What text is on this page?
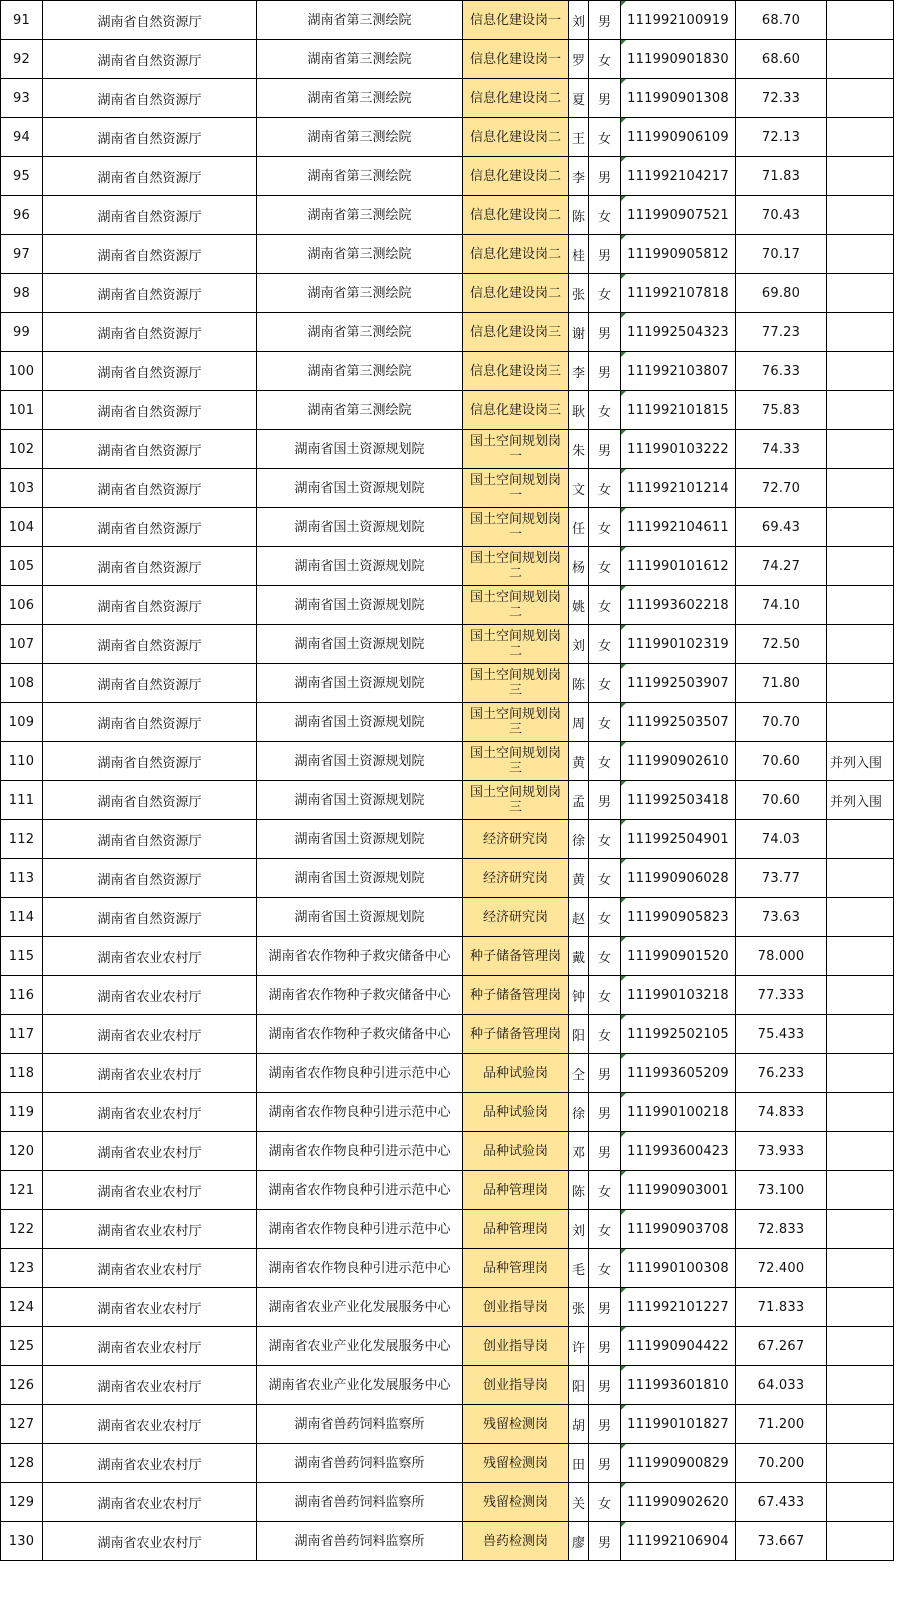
91	湖南省自然资源厅	湖南省第三测绘院	信息化建设岗一	刘	男	111992100919	68.70	
92	湖南省自然资源厅	湖南省第三测绘院	信息化建设岗一	罗	女	111990901830	68.60	
93	湖南省自然资源厅	湖南省第三测绘院	信息化建设岗二	夏	男	111990901308	72.33	
94	湖南省自然资源厅	湖南省第三测绘院	信息化建设岗二	王	女	111990906109	72.13	
95	湖南省自然资源厅	湖南省第三测绘院	信息化建设岗二	李	男	111992104217	71.83	
96	湖南省自然资源厅	湖南省第三测绘院	信息化建设岗二	陈	女	111990907521	70.43	
97	湖南省自然资源厅	湖南省第三测绘院	信息化建设岗二	桂	男	111990905812	70.17	
98	湖南省自然资源厅	湖南省第三测绘院	信息化建设岗二	张	女	111992107818	69.80	
99	湖南省自然资源厅	湖南省第三测绘院	信息化建设岗三	谢	男	111992504323	77.23	
100	湖南省自然资源厅	湖南省第三测绘院	信息化建设岗三	李	男	111992103807	76.33	
101	湖南省自然资源厅	湖南省第三测绘院	信息化建设岗三	耿	女	111992101815	75.83	
102	湖南省自然资源厅	湖南省国土资源规划院	国土空间规划岗一	朱	男	111990103222	74.33	
103	湖南省自然资源厅	湖南省国土资源规划院	国土空间规划岗一	文	女	111992101214	72.70	
104	湖南省自然资源厅	湖南省国土资源规划院	国土空间规划岗一	任	女	111992104611	69.43	
105	湖南省自然资源厅	湖南省国土资源规划院	国土空间规划岗二	杨	女	111990101612	74.27	
106	湖南省自然资源厅	湖南省国土资源规划院	国土空间规划岗二	姚	女	111993602218	74.10	
107	湖南省自然资源厅	湖南省国土资源规划院	国土空间规划岗二	刘	女	111990102319	72.50	
108	湖南省自然资源厅	湖南省国土资源规划院	国土空间规划岗三	陈	女	111992503907	71.80	
109	湖南省自然资源厅	湖南省国土资源规划院	国土空间规划岗三	周	女	111992503507	70.70	
110	湖南省自然资源厅	湖南省国土资源规划院	国土空间规划岗三	黄	女	111990902610	70.60	并列入围
111	湖南省自然资源厅	湖南省国土资源规划院	国土空间规划岗三	孟	男	111992503418	70.60	并列入围
112	湖南省自然资源厅	湖南省国土资源规划院	经济研究岗	徐	女	111992504901	74.03	
113	湖南省自然资源厅	湖南省国土资源规划院	经济研究岗	黄	女	111990906028	73.77	
114	湖南省自然资源厅	湖南省国土资源规划院	经济研究岗	赵	女	111990905823	73.63	
115	湖南省农业农村厅	湖南省农作物种子救灾储备中心	种子储备管理岗	戴	女	111990901520	78.000	
116	湖南省农业农村厅	湖南省农作物种子救灾储备中心	种子储备管理岗	钟	女	111990103218	77.333	
117	湖南省农业农村厅	湖南省农作物种子救灾储备中心	种子储备管理岗	阳	女	111992502105	75.433	
118	湖南省农业农村厅	湖南省农作物良种引进示范中心	品种试验岗	仝	男	111993605209	76.233	
119	湖南省农业农村厅	湖南省农作物良种引进示范中心	品种试验岗	徐	男	111990100218	74.833	
120	湖南省农业农村厅	湖南省农作物良种引进示范中心	品种试验岗	邓	男	111993600423	73.933	
121	湖南省农业农村厅	湖南省农作物良种引进示范中心	品种管理岗	陈	女	111990903001	73.100	
122	湖南省农业农村厅	湖南省农作物良种引进示范中心	品种管理岗	刘	女	111990903708	72.833	
123	湖南省农业农村厅	湖南省农作物良种引进示范中心	品种管理岗	毛	女	111990100308	72.400	
124	湖南省农业农村厅	湖南省农业产业化发展服务中心	创业指导岗	张	男	111992101227	71.833	
125	湖南省农业农村厅	湖南省农业产业化发展服务中心	创业指导岗	许	男	111990904422	67.267	
126	湖南省农业农村厅	湖南省农业产业化发展服务中心	创业指导岗	阳	男	111993601810	64.033	
127	湖南省农业农村厅	湖南省兽药饲料监察所	残留检测岗	胡	男	111990101827	71.200	
128	湖南省农业农村厅	湖南省兽药饲料监察所	残留检测岗	田	男	111990900829	70.200	
129	湖南省农业农村厅	湖南省兽药饲料监察所	残留检测岗	关	女	111990902620	67.433	
130	湖南省农业农村厅	湖南省兽药饲料监察所	兽药检测岗	廖	男	111992106904	73.667	
